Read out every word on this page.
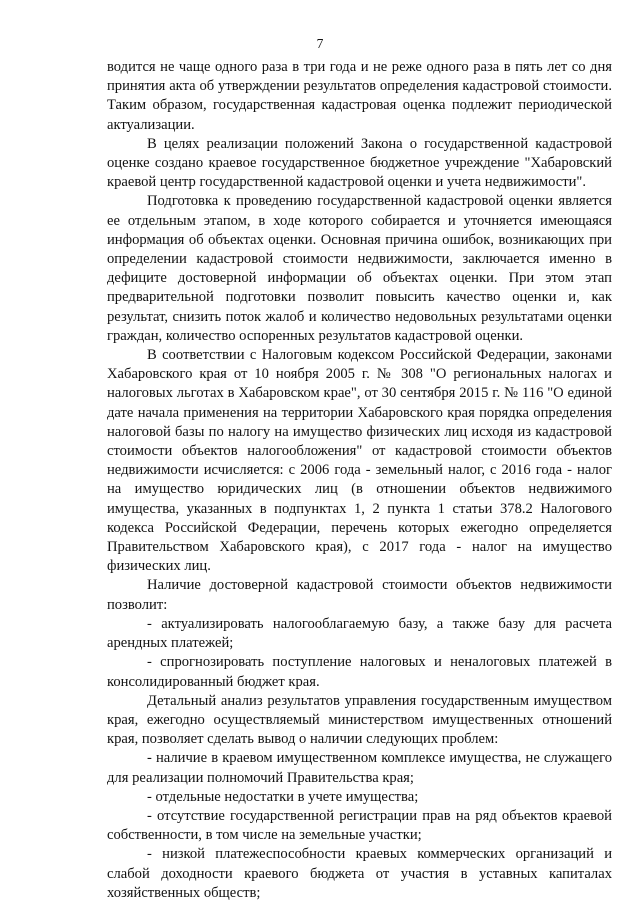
7

водится не чаще одного раза в три года и не реже одного раза в пять лет со дня принятия акта об утверждении результатов определения кадастровой стоимости. Таким образом, государственная кадастровая оценка подлежит периодической актуализации.

В целях реализации положений Закона о государственной кадастровой оценке создано краевое государственное бюджетное учреждение "Хабаровский краевой центр государственной кадастровой оценки и учета недвижимости".

Подготовка к проведению государственной кадастровой оценки является ее отдельным этапом, в ходе которого собирается и уточняется имеющаяся информация об объектах оценки. Основная причина ошибок, возникающих при определении кадастровой стоимости недвижимости, заключается именно в дефиците достоверной информации об объектах оценки. При этом этап предварительной подготовки позволит повысить качество оценки и, как результат, снизить поток жалоб и количество недовольных результатами оценки граждан, количество оспоренных результатов кадастровой оценки.

В соответствии с Налоговым кодексом Российской Федерации, законами Хабаровского края от 10 ноября 2005 г. № 308 "О региональных налогах и налоговых льготах в Хабаровском крае", от 30 сентября 2015 г. № 116 "О единой дате начала применения на территории Хабаровского края порядка определения налоговой базы по налогу на имущество физических лиц исходя из кадастровой стоимости объектов налогообложения" от кадастровой стоимости объектов недвижимости исчисляется: с 2006 года - земельный налог, с 2016 года - налог на имущество юридических лиц (в отношении объектов недвижимого имущества, указанных в подпунктах 1, 2 пункта 1 статьи 378.2 Налогового кодекса Российской Федерации, перечень которых ежегодно определяется Правительством Хабаровского края), с 2017 года - налог на имущество физических лиц.

Наличие достоверной кадастровой стоимости объектов недвижимости позволит:

- актуализировать налогооблагаемую базу, а также базу для расчета арендных платежей;

- спрогнозировать поступление налоговых и неналоговых платежей в консолидированный бюджет края.

Детальный анализ результатов управления государственным имуществом края, ежегодно осуществляемый министерством имущественных отношений края, позволяет сделать вывод о наличии следующих проблем:

- наличие в краевом имущественном комплексе имущества, не служащего для реализации полномочий Правительства края;

- отдельные недостатки в учете имущества;

- отсутствие государственной регистрации прав на ряд объектов краевой собственности, в том числе на земельные участки;

- низкой платежеспособности краевых коммерческих организаций и слабой доходности краевого бюджета от участия в уставных капиталах хозяйственных обществ;
